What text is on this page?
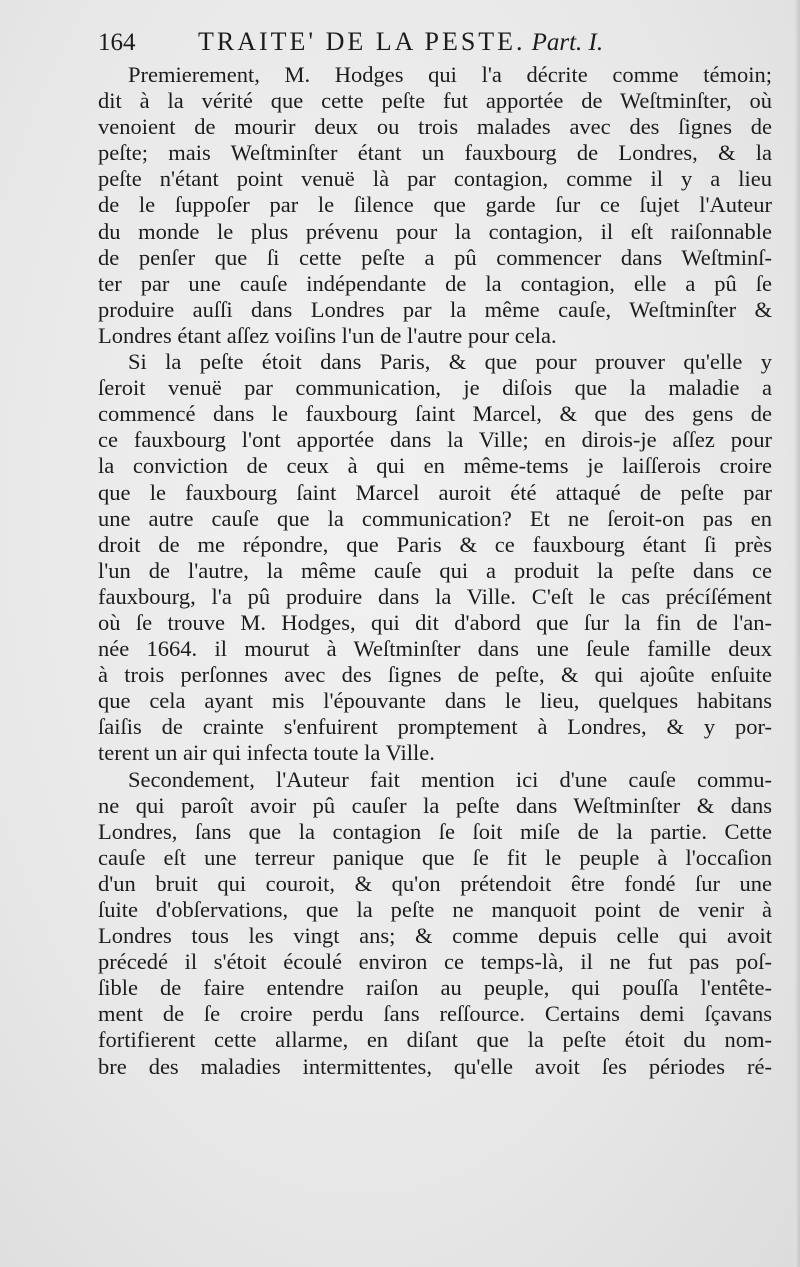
164	TRAITE' DE LA PESTE. Part. I.
Premierement, M. Hodges qui l'a décrite comme témoin;
dit à la vérité que cette peſte fut apportée de Weſtminſter, où
venoient de mourir deux ou trois malades avec des ſignes de
peſte; mais Weſtminſter étant un fauxbourg de Londres, & la
peſte n'étant point venuë là par contagion, comme il y a lieu
de le ſuppoſer par le ſilence que garde ſur ce ſujet l'Auteur
du monde le plus prévenu pour la contagion, il eſt raiſonnable
de penſer que ſi cette peſte a pû commencer dans Weſtminſ-
ter par une cauſe indépendante de la contagion, elle a pû ſe
produire auſſi dans Londres par la même cauſe, Weſtminſter &
Londres étant aſſez voiſins l'un de l'autre pour cela.
Si la peſte étoit dans Paris, & que pour prouver qu'elle y
ſeroit venuë par communication, je diſois que la maladie a
commencé dans le fauxbourg ſaint Marcel, & que des gens de
ce fauxbourg l'ont apportée dans la Ville; en dirois-je aſſez pour
la conviction de ceux à qui en même-tems je laiſſerois croire
que le fauxbourg ſaint Marcel auroit été attaqué de peſte par
une autre cauſe que la communication? Et ne ſeroit-on pas en
droit de me répondre, que Paris & ce fauxbourg étant ſi près
l'un de l'autre, la même cauſe qui a produit la peſte dans ce
fauxbourg, l'a pû produire dans la Ville. C'eſt le cas précíſément
où ſe trouve M. Hodges, qui dit d'abord que ſur la fin de l'an-
née 1664. il mourut à Weſtminſter dans une ſeule famille deux
à trois perſonnes avec des ſignes de peſte, & qui ajoûte enſuite
que cela ayant mis l'épouvante dans le lieu, quelques habitans
ſaiſis de crainte s'enfuirent promptement à Londres, & y por-
terent un air qui infecta toute la Ville.
Secondement, l'Auteur fait mention ici d'une cauſe commu-
ne qui paroît avoir pû cauſer la peſte dans Weſtminſter & dans
Londres, ſans que la contagion ſe ſoit miſe de la partie. Cette
cauſe eſt une terreur panique que ſe fit le peuple à l'occaſion
d'un bruit qui couroit, & qu'on prétendoit être fondé ſur une
ſuite d'obſervations, que la peſte ne manquoit point de venir à
Londres tous les vingt ans; & comme depuis celle qui avoit
précedé il s'étoit écoulé environ ce temps-là, il ne fut pas poſ-
ſible de faire entendre raiſon au peuple, qui pouſſa l'entête-
ment de ſe croire perdu ſans reſſource. Certains demi ſçavans
fortifierent cette allarme, en diſant que la peſte étoit du nom-
bre des maladies intermittentes, qu'elle avoit ſes périodes ré-
